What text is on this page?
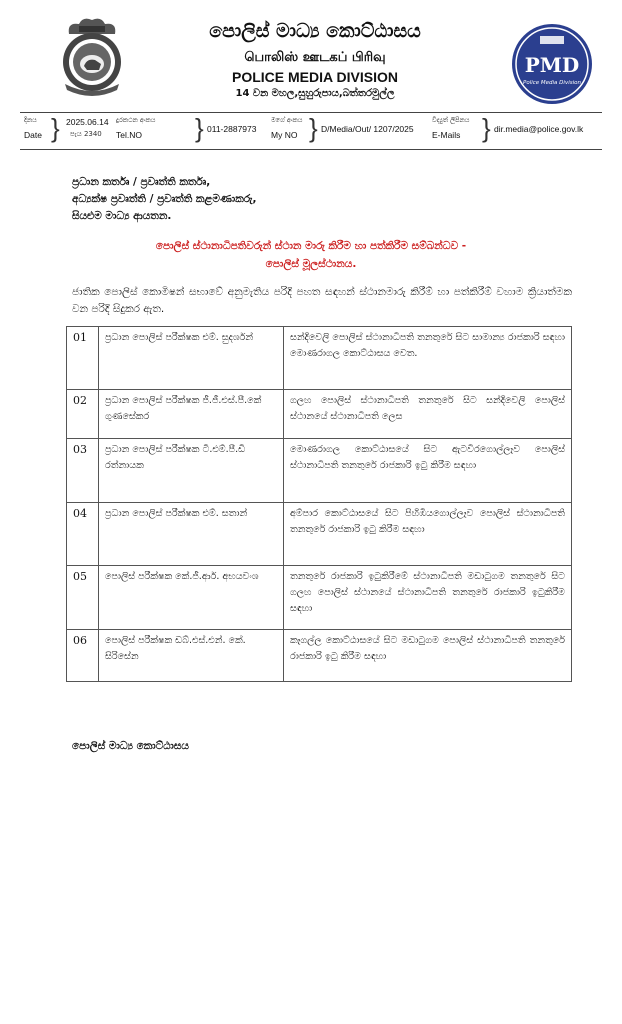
පොලිස් මාධ්‍ය කොට්ඨාසය
பொலிஸ் ஊடகப் பிரிவு
POLICE MEDIA DIVISION
14 වන මහල,සුහුරුපාය,බත්තරමුල්ල
PMD
Police Media Division
දිනය
Date } 2025.06.14
පැය 2340
දුරකථන අංකය
Tel.NO } 011-2887973
මගේ අංකය
My NO } D/Media/Out/ 1207/2025
විද්‍යුත් ලිපිනය
E-Mails } dir.media@police.gov.lk
ප්‍රධාන කර්තෘ / ප්‍රවෘත්ති කර්තෘ,
අධ්‍යක්ෂ ප්‍රවෘත්ති / ප්‍රවෘත්ති කළමණාකරු,
සියළුම මාධ්‍ය ආයතන.
පොලිස් ස්ථානාධිපතිවරුන් ස්ථාන මාරු කිරීම හා පත්කිරීම සම්බන්ධව -
පොලිස් මූලස්ථානය.
ජාතික පොලිස් කොමිෂන් සභාවේ අනුමැතිය පරිදි පහත සඳහන් ස්ථානමාරු කිරීම් හා පත්කිරීම් වහාම ක්‍රියාත්මක වන පරිදි සිදුකර ඇත.
01	ප්‍රධාන පොලිස් පරීක්ෂක එම්. සුදර්ශන්	සන්දිවෙලි පොලිස් ස්ථානාධිපති තනතුරේ සිට සාමාන්‍ය රාජකාරි සඳහා මොණරාගල කොට්ඨාසය වෙත.
02	ප්‍රධාන පොලිස් පරීක්ෂක ජී.ජී.එස්.පී.කේ ගුණසේකර	ගලහ පොලිස් ස්ථානාධිපති තනතුරේ සිට සන්දිවෙලි පොලිස් ස්ථානයේ ස්ථානාධිපති ලෙස
03	ප්‍රධාන පොලිස් පරීක්ෂක ටී.එම්.පී.ඩී රත්නායක	මොණරාගල කොට්ඨාසයේ සිට ඇටවිරගොල්ලෑව පොලිස් ස්ථානාධිපති තනතුරේ රාජකාරි ඉටු කිරීම සඳහා
04	ප්‍රධාන පොලිස් පරීක්ෂක එම්. සතාන්	අම්පාර කොට්ඨාසයේ සිට පිහිඹියගොල්ලෑව පොලිස් ස්ථානාධිපති තනතුරේ රාජකාරි ඉටු කිරීම සඳහා
05	පොලිස් පරීක්ෂක කේ.ජී.ආර්. අභයවංශ	තනතුරේ රාජකාරි ඉටුකිරීමේ ස්ථානාධිපති මඩාටුගම තනතුරේ සිට ගලහ පොලිස් ස්ථානයේ ස්ථානාධිපති තනතුරේ රාජකාරි ඉටුකිරීම සඳහා
06	පොලිස් පරීක්ෂක ඩබ්.එස්.එන්. කේ. සිරිසේන	කෑගල්ල කොට්ඨාසයේ සිට මඩාටුගම පොලිස් ස්ථානාධිපති තනතුරේ රාජකාරි ඉටු කිරීම සඳහා
පොලිස් මාධ්‍ය කොට්ඨාසය
